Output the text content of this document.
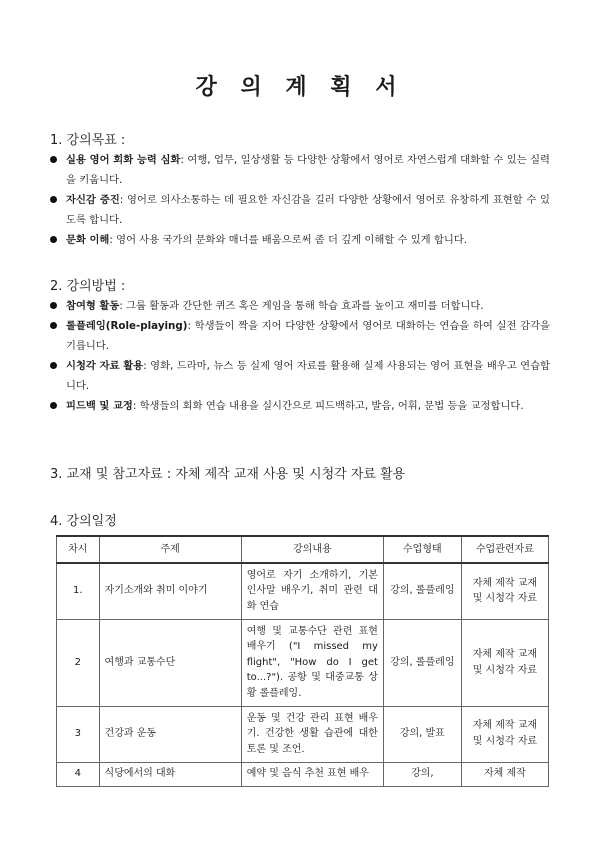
강 의 계 획 서
1. 강의목표 :
실용 영어 회화 능력 심화: 여행, 업무, 일상생활 등 다양한 상황에서 영어로 자연스럽게 대화할 수 있는 실력을 키웁니다.
자신감 증진: 영어로 의사소통하는 데 필요한 자신감을 길러 다양한 상황에서 영어로 유창하게 표현할 수 있도록 합니다.
문화 이해: 영어 사용 국가의 문화와 매너를 배움으로써 좀 더 깊게 이해할 수 있게 합니다.
2. 강의방법 :
참여형 활동: 그룹 활동과 간단한 퀴즈 혹은 게임을 통해 학습 효과를 높이고 재미를 더합니다.
롤플레잉(Role-playing): 학생들이 짝을 지어 다양한 상황에서 영어로 대화하는 연습을 하여 실전 감각을 기릅니다.
시청각 자료 활용: 영화, 드라마, 뉴스 등 실제 영어 자료를 활용해 실제 사용되는 영어 표현을 배우고 연습합니다.
피드백 및 교정: 학생들의 회화 연습 내용을 실시간으로 피드백하고, 발음, 어휘, 문법 등을 교정합니다.
3. 교재 및 참고자료 : 자체 제작 교재 사용 및 시청각 자료 활용
4. 강의일정
차시	주제	강의내용	수업형태	수업관련자료
1.	자기소개와 취미 이야기	영어로 자기 소개하기, 기본 인사말 배우기, 취미 관련 대화 연습	강의, 롤플레잉	자체 제작 교재 및 시청각 자료
2	여행과 교통수단	여행 및 교통수단 관련 표현 배우기 ("I missed my flight", "How do I get to...?"). 공항 및 대중교통 상황 롤플레잉.	강의, 롤플레잉	자체 제작 교재 및 시청각 자료
3	건강과 운동	운동 및 건강 관리 표현 배우기. 건강한 생활 습관에 대한 토론 및 조언.	강의, 발표	자체 제작 교재 및 시청각 자료
4	식당에서의 대화	예약 및 음식 추천 표현 배우	강의,	자체 제작
